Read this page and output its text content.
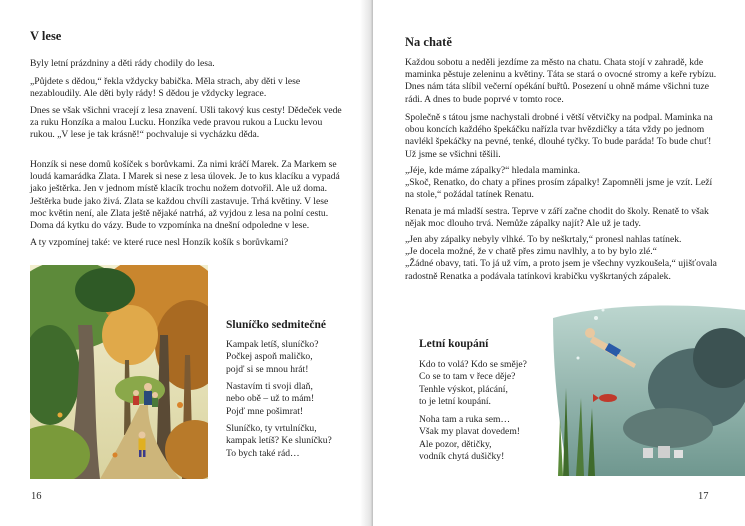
V lese

Byly letní prázdniny a děti rády chodily do lesa.

„Půjdete s dědou,“ řekla vždycky babička. Měla strach, aby děti v lese nezabloudily. Ale děti byly rády! S dědou je vždycky legrace.

Dnes se však všichni vracejí z lesa znavení. Ušli takový kus cesty! Dědeček vede za ruku Honzíka a malou Lucku. Honzíka vede pravou rukou a Lucku levou rukou. „V lese je tak krásně!“ pochvaluje si vycházku děda.

Honzík si nese domů košíček s borůvkami. Za nimi kráčí Marek. Za Markem se loudá kamarádka Zlata. I Marek si nese z lesa úlovek. Je to kus klacíku a vypadá jako ještěrka. Jen v jednom místě klacík trochu nožem dotvořil. Ale už doma. Ještěrka bude jako živá. Zlata se každou chvíli zastavuje. Trhá květiny. V lese moc květin není, ale Zlata ještě nějaké natrhá, až vyjdou z lesa na polní cestu. Doma dá kytku do vázy. Bude to vzpomínka na dnešní odpoledne v lese.

A ty vzpomínej také: ve které ruce nesl Honzík košík s borůvkami?

Sluníčko sedmitečné

Kampak letíš, sluníčko?
Počkej aspoň maličko,
pojď si se mnou hrát!

Nastavím ti svoji dlaň,
nebo obě – už to mám!
Pojď mne pošimrat!

Sluníčko, ty vrtulníčku,
kampak letíš? Ke sluníčku?
To bych také rád…

16
Na chatě

Každou sobotu a neděli jezdíme za město na chatu. Chata stojí v zahradě, kde maminka pěstuje zeleninu a květiny. Táta se stará o ovocné stromy a keře rybízu. Dnes nám táta slíbil večerní opékání buřtů. Posezení u ohně máme všichni tuze rádi. A dnes to bude poprvé v tomto roce.

Společně s tátou jsme nachystali drobné i větší větvičky na podpal. Maminka na obou koncích každého špekáčku nařízla tvar hvězdičky a táta vždy po jednom navlékl špekáčky na pevné, tenké, dlouhé tyčky. To bude paráda! To bude chuť! Už jsme se všichni těšili.

„Jéje, kde máme zápalky?“ hledala maminka.
„Skoč, Renatko, do chaty a přines prosím zápalky! Zapomněli jsme je vzít. Leží na stole,“ požádal tatínek Renatu.

Renata je má mladší sestra. Teprve v září začne chodit do školy. Renatě to však nějak moc dlouho trvá. Nemůže zápalky najít? Ale už je tady.

„Jen aby zápalky nebyly vlhké. To by neškrtaly,“ pronesl nahlas tatínek.
„Je docela možné, že v chatě přes zimu navlhly, a to by bylo zlé.“
„Žádné obavy, tati. To já už vím, a proto jsem je všechny vyzkoušela,“ ujišťovala radostně Renatka a podávala tatínkovi krabičku vyškrtaných zápalek.

Letní koupání

Kdo to volá? Kdo se směje?
Co se to tam v řece děje?
Tenhle výskot, plácání,
to je letní koupání.

Noha tam a ruka sem…
Však my plavat dovedem!
Ale pozor, dětičky,
vodník chytá dušičky!

17
